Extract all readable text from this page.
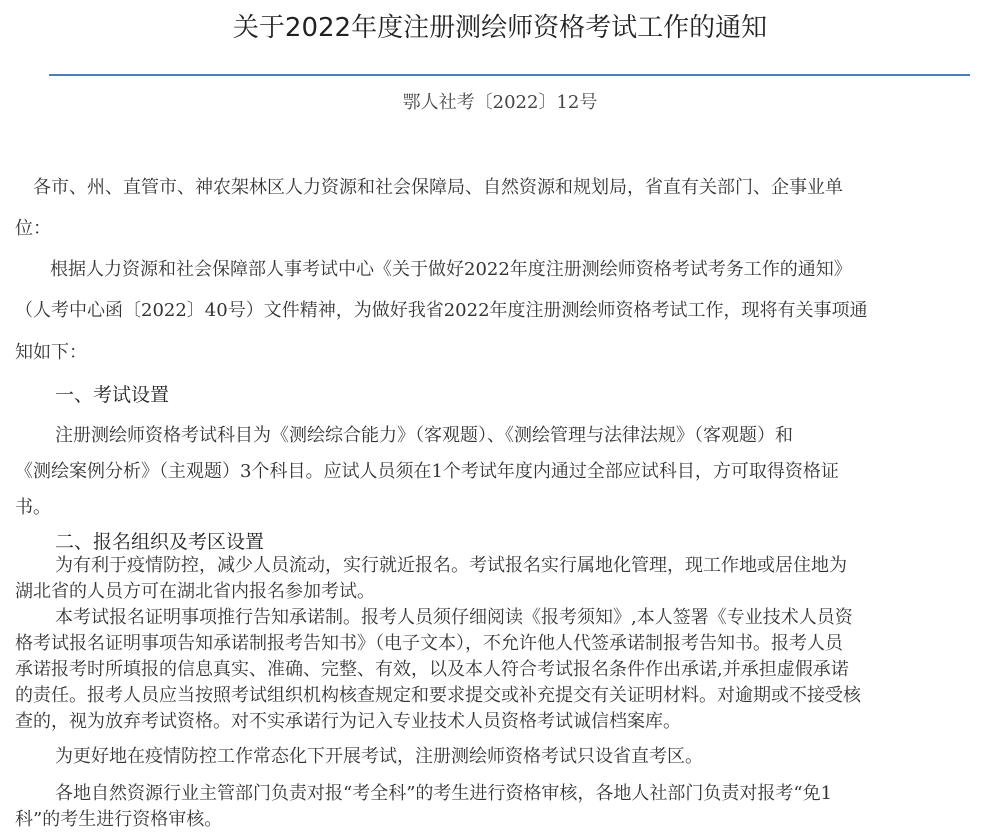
关于2022年度注册测绘师资格考试工作的通知
鄂人社考〔2022〕12号
各市、州、直管市、神农架林区人力资源和社会保障局、自然资源和规划局，省直有关部门、企事业单
位：
根据人力资源和社会保障部人事考试中心《关于做好2022年度注册测绘师资格考试考务工作的通知》
（人考中心函〔2022〕40号）文件精神，为做好我省2022年度注册测绘师资格考试工作，现将有关事项通
知如下：
一、考试设置
注册测绘师资格考试科目为《测绘综合能力》（客观题）、《测绘管理与法律法规》（客观题）和
《测绘案例分析》（主观题）3个科目。应试人员须在1个考试年度内通过全部应试科目，方可取得资格证
书。
二、报名组织及考区设置
为有利于疫情防控，减少人员流动，实行就近报名。考试报名实行属地化管理，现工作地或居住地为
湖北省的人员方可在湖北省内报名参加考试。
本考试报名证明事项推行告知承诺制。报考人员须仔细阅读《报考须知》,本人签署《专业技术人员资
格考试报名证明事项告知承诺制报考告知书》（电子文本），不允许他人代签承诺制报考告知书。报考人员
承诺报考时所填报的信息真实、准确、完整、有效，以及本人符合考试报名条件作出承诺,并承担虚假承诺
的责任。报考人员应当按照考试组织机构核查规定和要求提交或补充提交有关证明材料。对逾期或不接受核
查的，视为放弃考试资格。对不实承诺行为记入专业技术人员资格考试诚信档案库。
为更好地在疫情防控工作常态化下开展考试，注册测绘师资格考试只设省直考区。
各地自然资源行业主管部门负责对报“考全科”的考生进行资格审核，各地人社部门负责对报考“免1
科”的考生进行资格审核。
